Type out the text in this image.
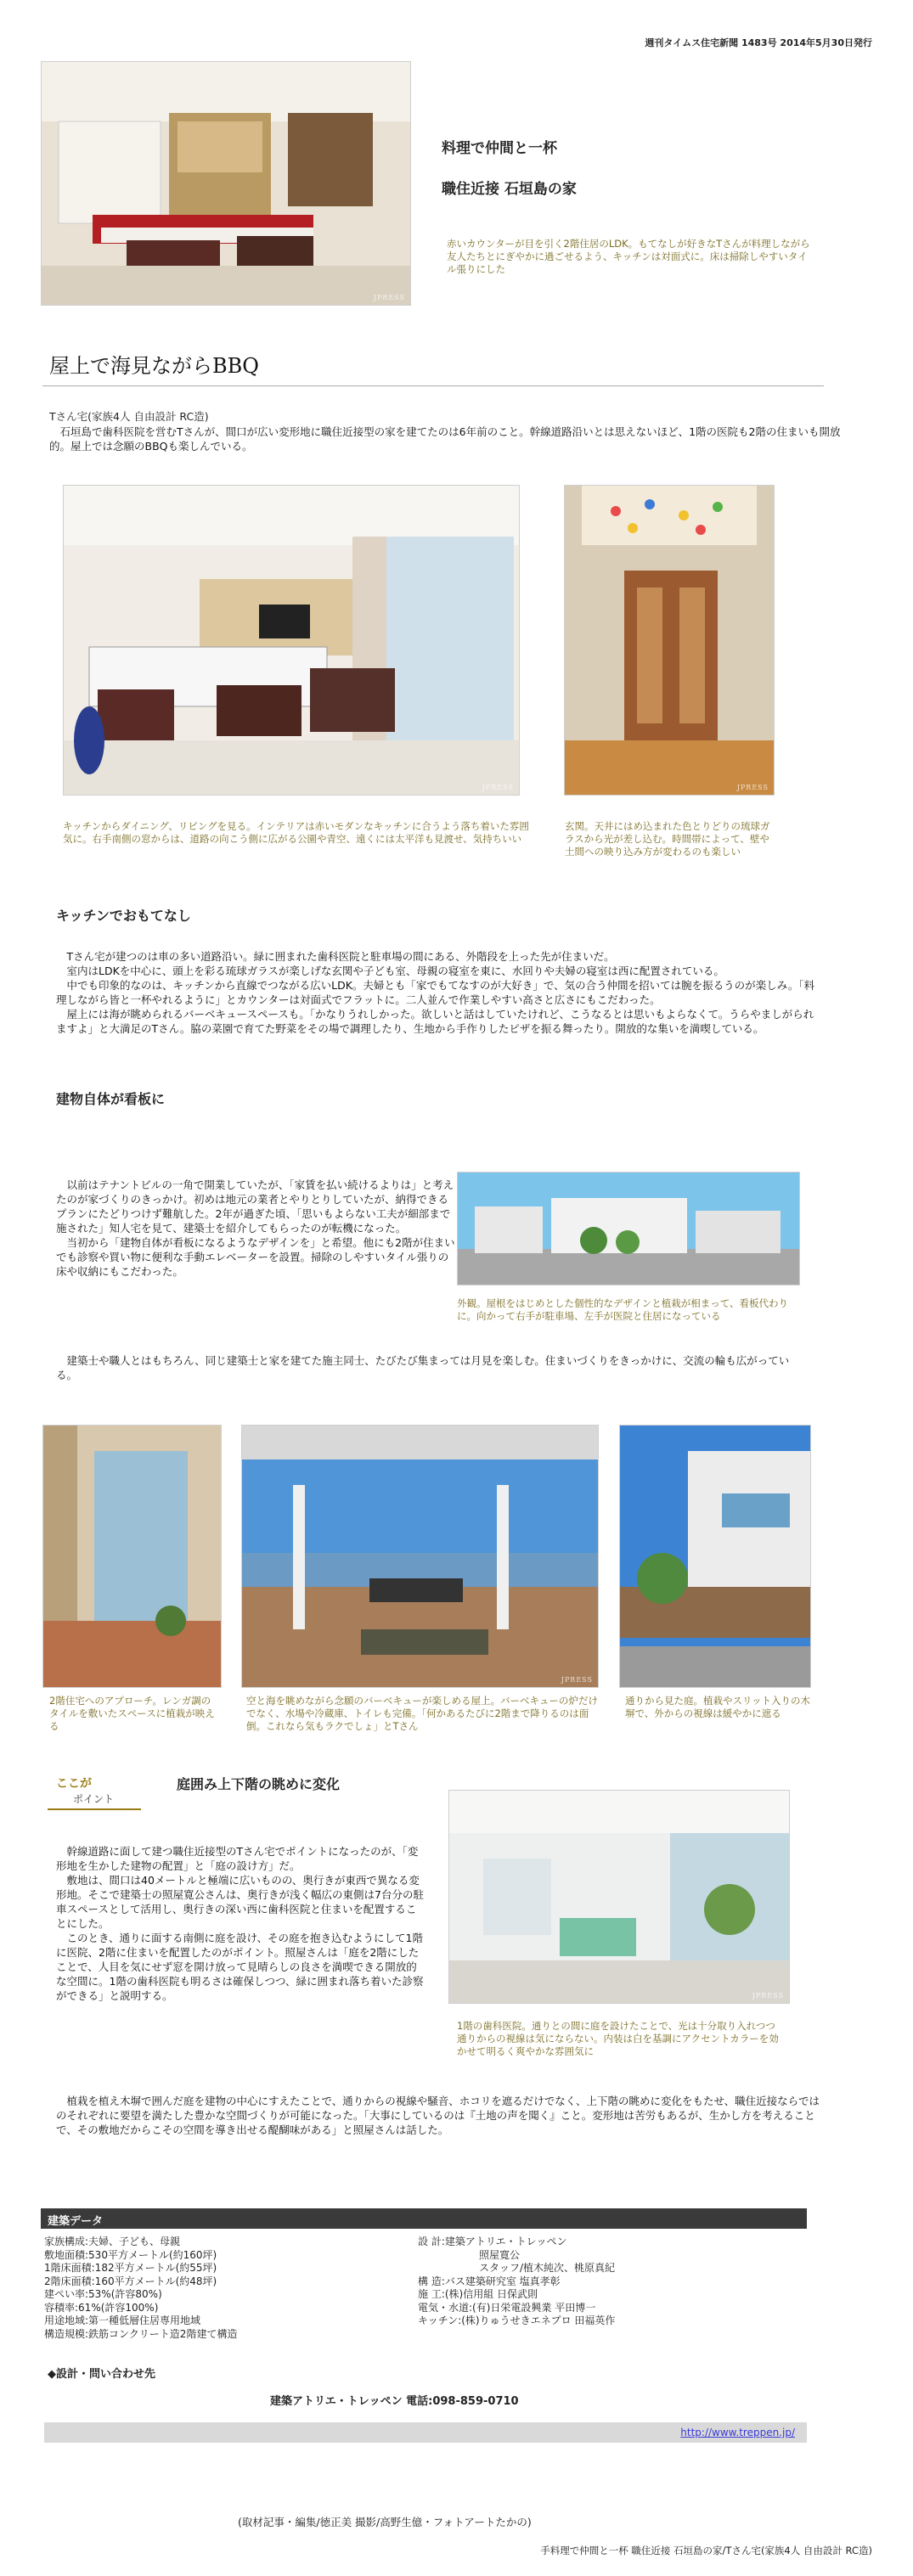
週刊タイムス住宅新聞 1483号 2014年5月30日発行
JPRESS
料理で仲間と一杯
職住近接 石垣島の家
赤いカウンターが目を引く2階住居のLDK。もてなしが好きなTさんが料理しながら友人たちとにぎやかに過ごせるよう、キッチンは対面式に。床は掃除しやすいタイル張りにした
屋上で海見ながらBBQ
Tさん宅(家族4人 自由設計 RC造)
石垣島で歯科医院を営むTさんが、間口が広い変形地に職住近接型の家を建てたのは6年前のこと。幹線道路沿いとは思えないほど、1階の医院も2階の住まいも開放的。屋上では念願のBBQも楽しんでいる。
JPRESS	JPRESS
キッチンからダイニング、リビングを見る。インテリアは赤いモダンなキッチンに合うよう落ち着いた雰囲気に。右手南側の窓からは、道路の向こう側に広がる公園や青空、遠くには太平洋も見渡せ、気持ちいい
玄関。天井にはめ込まれた色とりどりの琉球ガラスから光が差し込む。時間帯によって、壁や土間への映り込み方が変わるのも楽しい
キッチンでおもてなし
Tさん宅が建つのは車の多い道路沿い。緑に囲まれた歯科医院と駐車場の間にある、外階段を上った先が住まいだ。
室内はLDKを中心に、頭上を彩る琉球ガラスが楽しげな玄関や子ども室、母親の寝室を東に、水回りや夫婦の寝室は西に配置されている。
中でも印象的なのは、キッチンから直線でつながる広いLDK。夫婦とも「家でもてなすのが大好き」で、気の合う仲間を招いては腕を振るうのが楽しみ。「料理しながら皆と一杯やれるように」とカウンターは対面式でフラットに。二人並んで作業しやすい高さと広さにもこだわった。
屋上には海が眺められるバーベキュースペースも。「かなりうれしかった。欲しいと話はしていたけれど、こうなるとは思いもよらなくて。うらやましがられますよ」と大満足のTさん。脇の菜園で育てた野菜をその場で調理したり、生地から手作りしたピザを振る舞ったり。開放的な集いを満喫している。
建物自体が看板に
以前はテナントビルの一角で開業していたが、「家賃を払い続けるよりは」と考えたのが家づくりのきっかけ。初めは地元の業者とやりとりしていたが、納得できるプランにたどりつけず難航した。2年が過ぎた頃、「思いもよらない工夫が細部まで施された」知人宅を見て、建築士を紹介してもらったのが転機になった。
当初から「建物自体が看板になるようなデザインを」と希望。他にも2階が住まいでも診察や買い物に便利な手動エレベーターを設置。掃除のしやすいタイル張りの床や収納にもこだわった。
建築士や職人とはもちろん、同じ建築士と家を建てた施主同士、たびたび集まっては月見を楽しむ。住まいづくりをきっかけに、交流の輪も広がっている。
外観。屋根をはじめとした個性的なデザインと植栽が相まって、看板代わりに。向かって右手が駐車場、左手が医院と住居になっている
JPRESS
2階住宅へのアプローチ。レンガ調のタイルを敷いたスペースに植栽が映える
空と海を眺めながら念願のバーベキューが楽しめる屋上。バーベキューの炉だけでなく、水場や冷蔵庫、トイレも完備。「何かあるたびに2階まで降りるのは面倒。これなら気もラクでしょ」とTさん
通りから見た庭。植栽やスリット入りの木塀で、外からの視線は緩やかに遮る
ここが
ポイント
庭囲み上下階の眺めに変化
幹線道路に面して建つ職住近接型のTさん宅でポイントになったのが、「変形地を生かした建物の配置」と「庭の設け方」だ。
敷地は、間口は40メートルと極端に広いものの、奥行きが東西で異なる変形地。そこで建築士の照屋寛公さんは、奥行きが浅く幅広の東側は7台分の駐車スペースとして活用し、奥行きの深い西に歯科医院と住まいを配置することにした。
このとき、通りに面する南側に庭を設け、その庭を抱き込むようにして1階に医院、2階に住まいを配置したのがポイント。照屋さんは「庭を2階にしたことで、人目を気にせず窓を開け放って見晴らしの良さを満喫できる開放的な空間に。1階の歯科医院も明るさは確保しつつ、緑に囲まれ落ち着いた診察ができる」と説明する。
植栽を植え木塀で囲んだ庭を建物の中心にすえたことで、通りからの視線や騒音、ホコリを遮るだけでなく、上下階の眺めに変化をもたせ、職住近接ならではのそれぞれに要望を満たした豊かな空間づくりが可能になった。「大事にしているのは『土地の声を聞く』こと。変形地は苦労もあるが、生かし方を考えることで、その敷地だからこその空間を導き出せる醍醐味がある」と照屋さんは話した。
JPRESS
1階の歯科医院。通りとの間に庭を設けたことで、光は十分取り入れつつ通りからの視線は気にならない。内装は白を基調にアクセントカラーを効かせて明るく爽やかな雰囲気に
建築データ
家族構成:夫婦、子ども、母親
敷地面積:530平方メートル(約160坪)
1階床面積:182平方メートル(約55坪)
2階床面積:160平方メートル(約48坪)
建ぺい率:53%(許容80%)
容積率:61%(許容100%)
用途地域:第一種低層住居専用地域
構造規模:鉄筋コンクリート造2階建て構造
設 計:建築アトリエ・トレッペン
照屋寛公
スタッフ/植木純次、桃原真紀
構 造:バス建築研究室 塩真孝彰
施 工:(株)信用組 日保武則
電気・水道:(有)日栄電設興業 平田博一
キッチン:(株)りゅうせきエネプロ 田福英作
◆設計・問い合わせ先
建築アトリエ・トレッペン 電話:098-859-0710
http://www.treppen.jp/
(取材記事・編集/徳正美 撮影/高野生億・フォトアートたかの)
手料理で仲間と一杯 職住近接 石垣島の家/Tさん宅(家族4人 自由設計 RC造)
